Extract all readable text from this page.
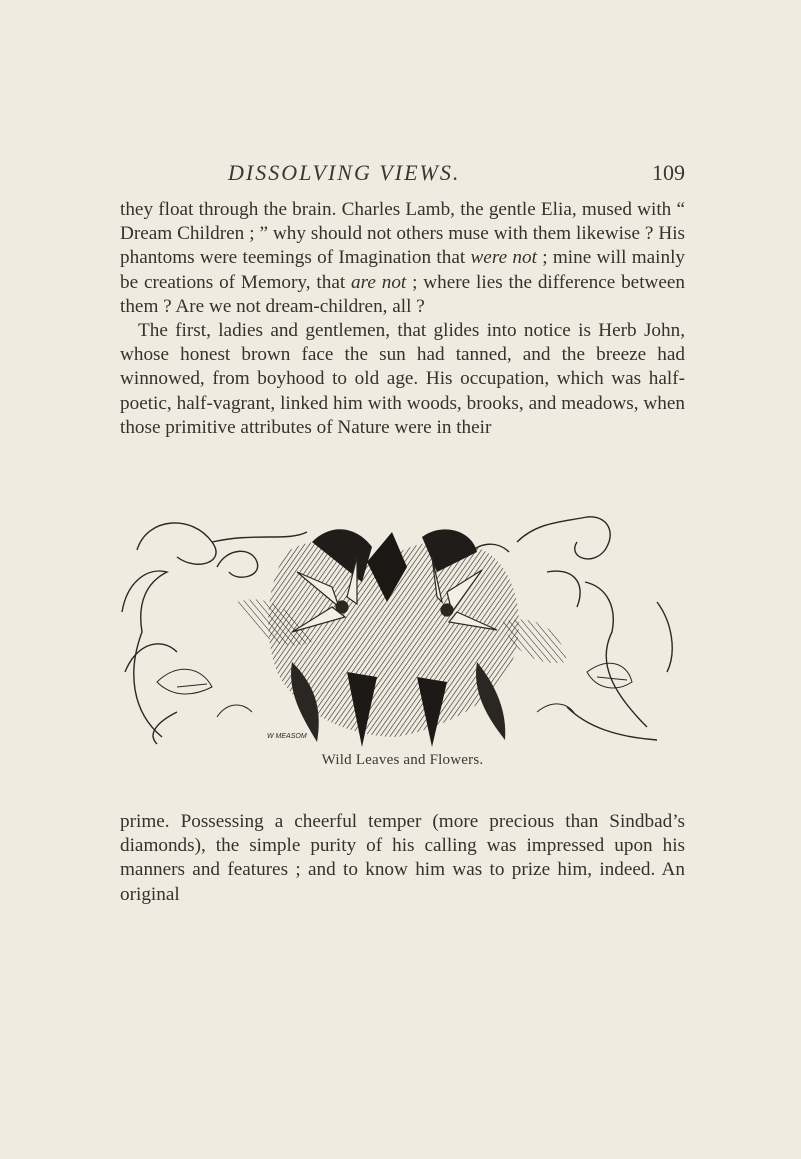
DISSOLVING VIEWS.	109

they float through the brain. Charles Lamb, the gentle Elia, mused with “ Dream Children ; ” why should not others muse with them likewise ? His phantoms were teemings of Imagination that were not ; mine will mainly be creations of Memory, that are not ; where lies the difference between them ? Are we not dream-children, all ?

The first, ladies and gentlemen, that glides into notice is Herb John, whose honest brown face the sun had tanned, and the breeze had winnowed, from boyhood to old age. His occupation, which was half-poetic, half-vagrant, linked him with woods, brooks, and meadows, when those primitive attributes of Nature were in their

W MEASOM
Wild Leaves and Flowers.

prime. Possessing a cheerful temper (more precious than Sindbad’s diamonds), the simple purity of his calling was impressed upon his manners and features ; and to know him was to prize him, indeed. An original
